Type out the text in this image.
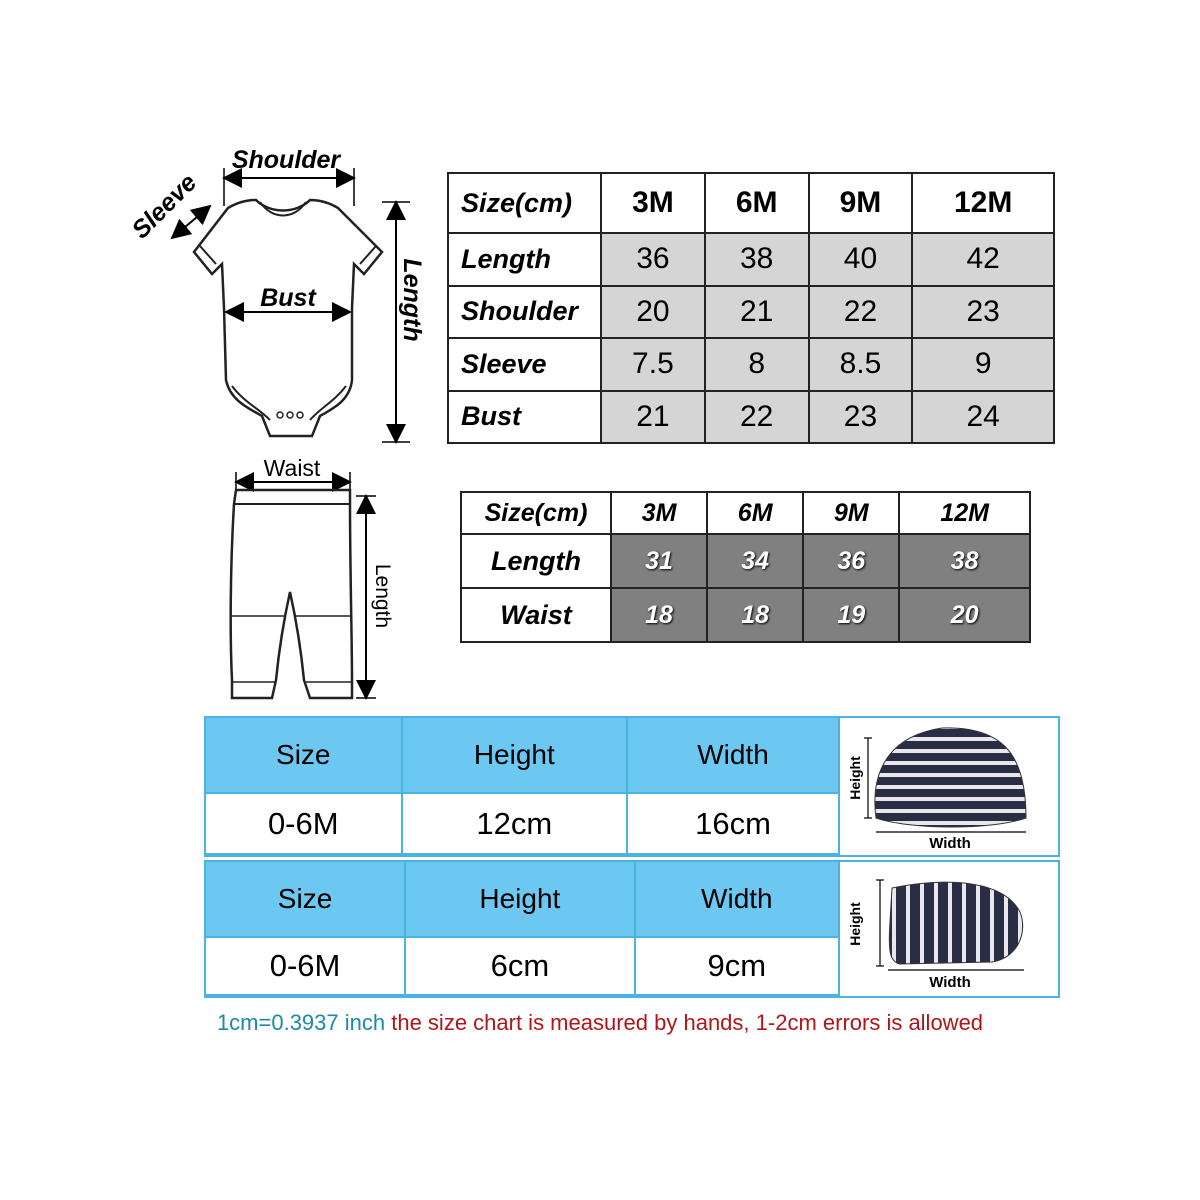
Shoulder
Sleeve
Bust	Length
Size(cm)	3M	6M	9M	12M
Length	36	38	40	42
Shoulder	20	21	22	23
Sleeve	7.5	8	8.5	9
Bust	21	22	23	24
Waist
Length
Size(cm)	3M	6M	9M	12M
Length	31	34	36	38
Waist	18	18	19	20
Size	Height	Width
0-6M	12cm	16cm
Height
Width
Size	Height	Width
0-6M	6cm	9cm
Height
Width
1cm=0.3937 inch the size chart is measured by hands, 1-2cm errors is allowed
